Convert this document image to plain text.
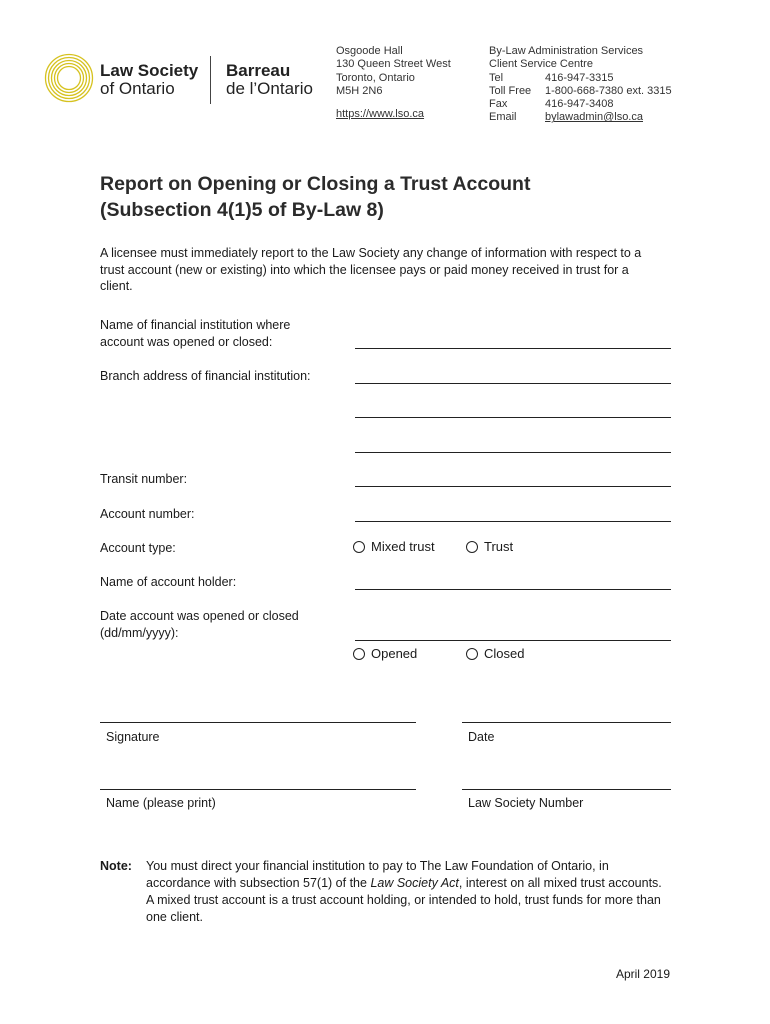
Law Society
of Ontario
Barreau
de l’Ontario
Osgoode Hall
130 Queen Street West
Toronto, Ontario
M5H 2N6
https://www.lso.ca
By-Law Administration Services
Client Service Centre
Tel	416-947-3315
Toll Free 1-800-668-7380 ext. 3315
Fax	416-947-3408
Email	bylawadmin@lso.ca
Report on Opening or Closing a Trust Account
(Subsection 4(1)5 of By-Law 8)
A licensee must immediately report to the Law Society any change of information with respect to a trust account (new or existing) into which the licensee pays or paid money received in trust for a client.
Name of financial institution where
account was opened or closed:
Branch address of financial institution:
Transit number:
Account number:
Account type:	Mixed trust	Trust
Name of account holder:
Date account was opened or closed
(dd/mm/yyyy):
Opened	Closed
Signature	Date
Name (please print)	Law Society Number
Note: You must direct your financial institution to pay to The Law Foundation of Ontario, in accordance with subsection 57(1) of the Law Society Act, interest on all mixed trust accounts. A mixed trust account is a trust account holding, or intended to hold, trust funds for more than one client.
April 2019
